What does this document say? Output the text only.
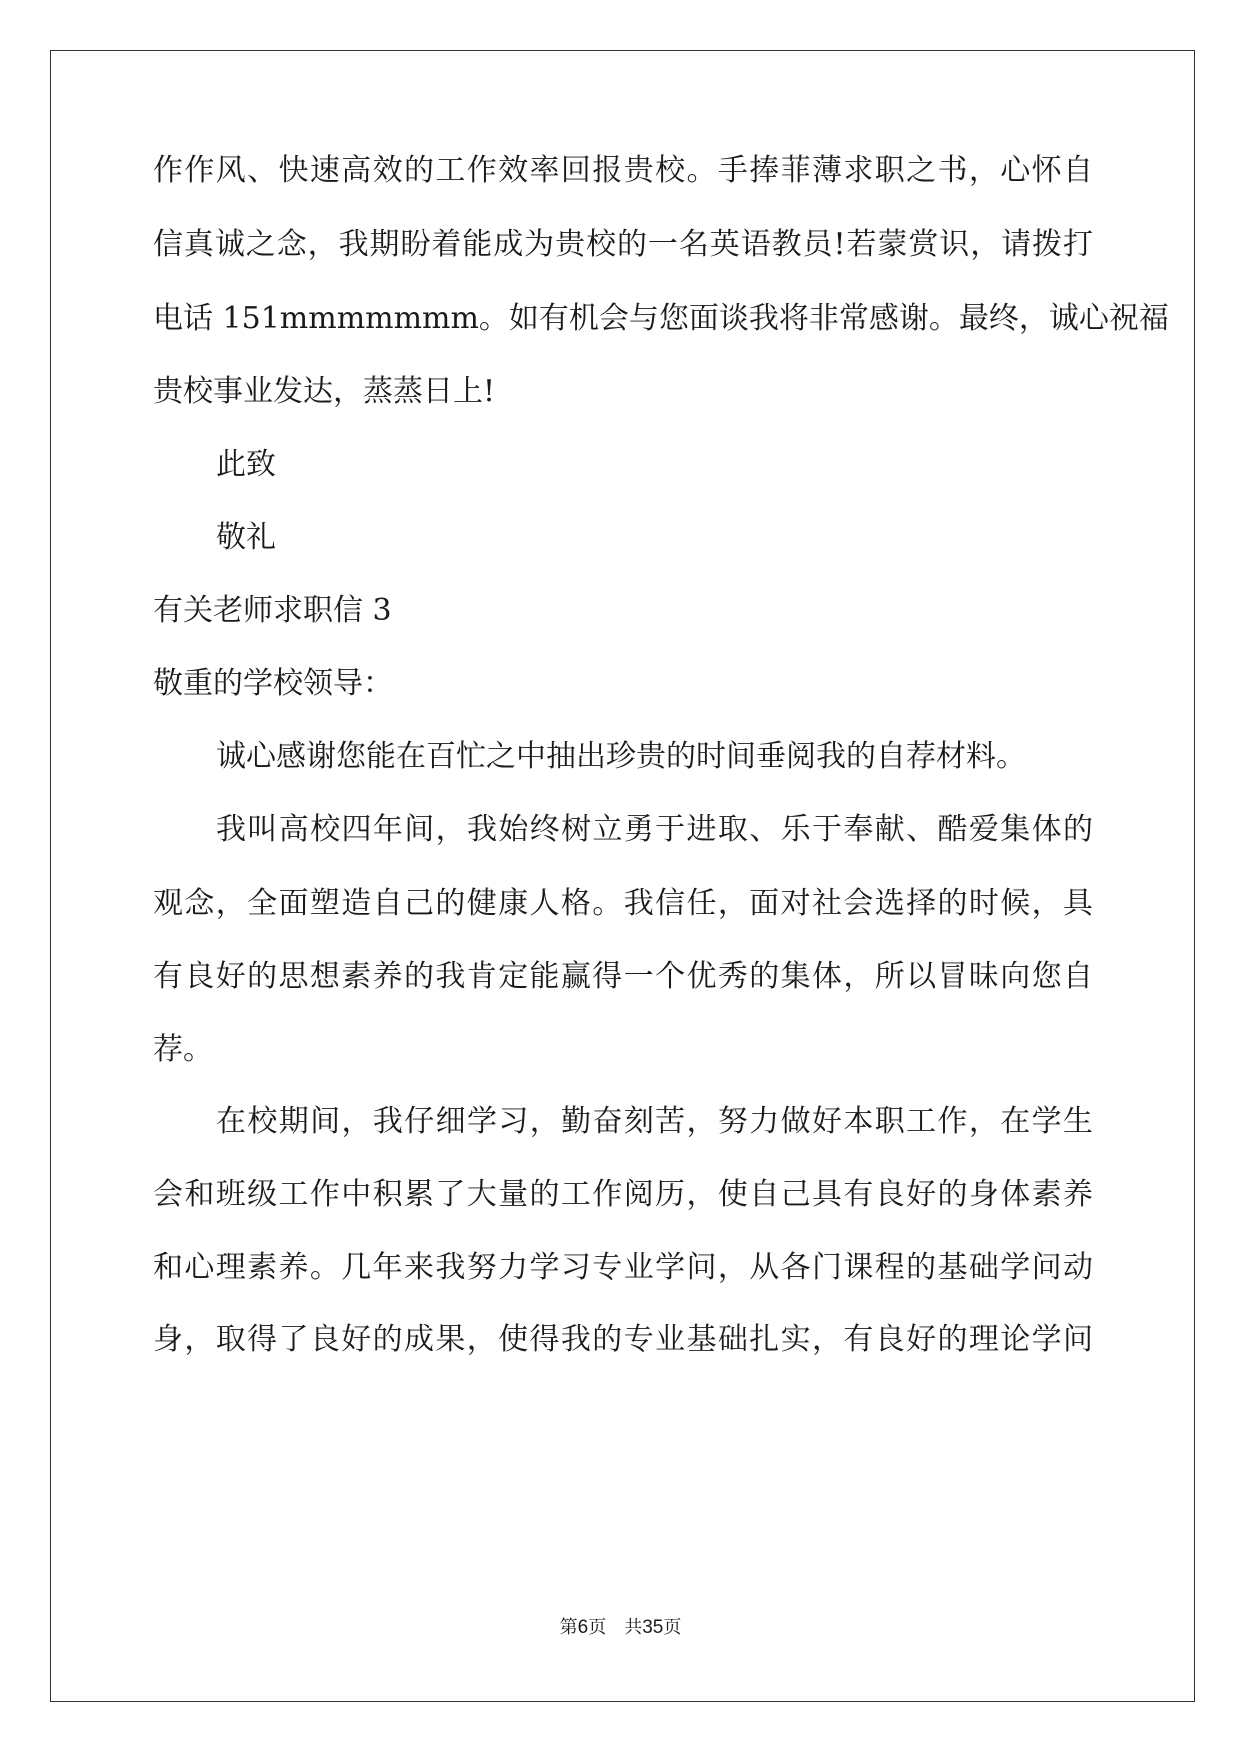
作作风、快速高效的工作效率回报贵校。手捧菲薄求职之书，心怀自
信真诚之念，我期盼着能成为贵校的一名英语教员!若蒙赏识，请拨打
电话 151mmmmmmm。如有机会与您面谈我将非常感谢。最终，诚心祝福
贵校事业发达，蒸蒸日上!
此致
敬礼
有关老师求职信 3
敬重的学校领导：
诚心感谢您能在百忙之中抽出珍贵的时间垂阅我的自荐材料。
我叫高校四年间，我始终树立勇于进取、乐于奉献、酷爱集体的
观念，全面塑造自己的健康人格。我信任，面对社会选择的时候，具
有良好的思想素养的我肯定能赢得一个优秀的集体，所以冒昧向您自
荐。
在校期间，我仔细学习，勤奋刻苦，努力做好本职工作，在学生
会和班级工作中积累了大量的工作阅历，使自己具有良好的身体素养
和心理素养。几年来我努力学习专业学问，从各门课程的基础学问动
身，取得了良好的成果，使得我的专业基础扎实，有良好的理论学问
第6页 共35页
